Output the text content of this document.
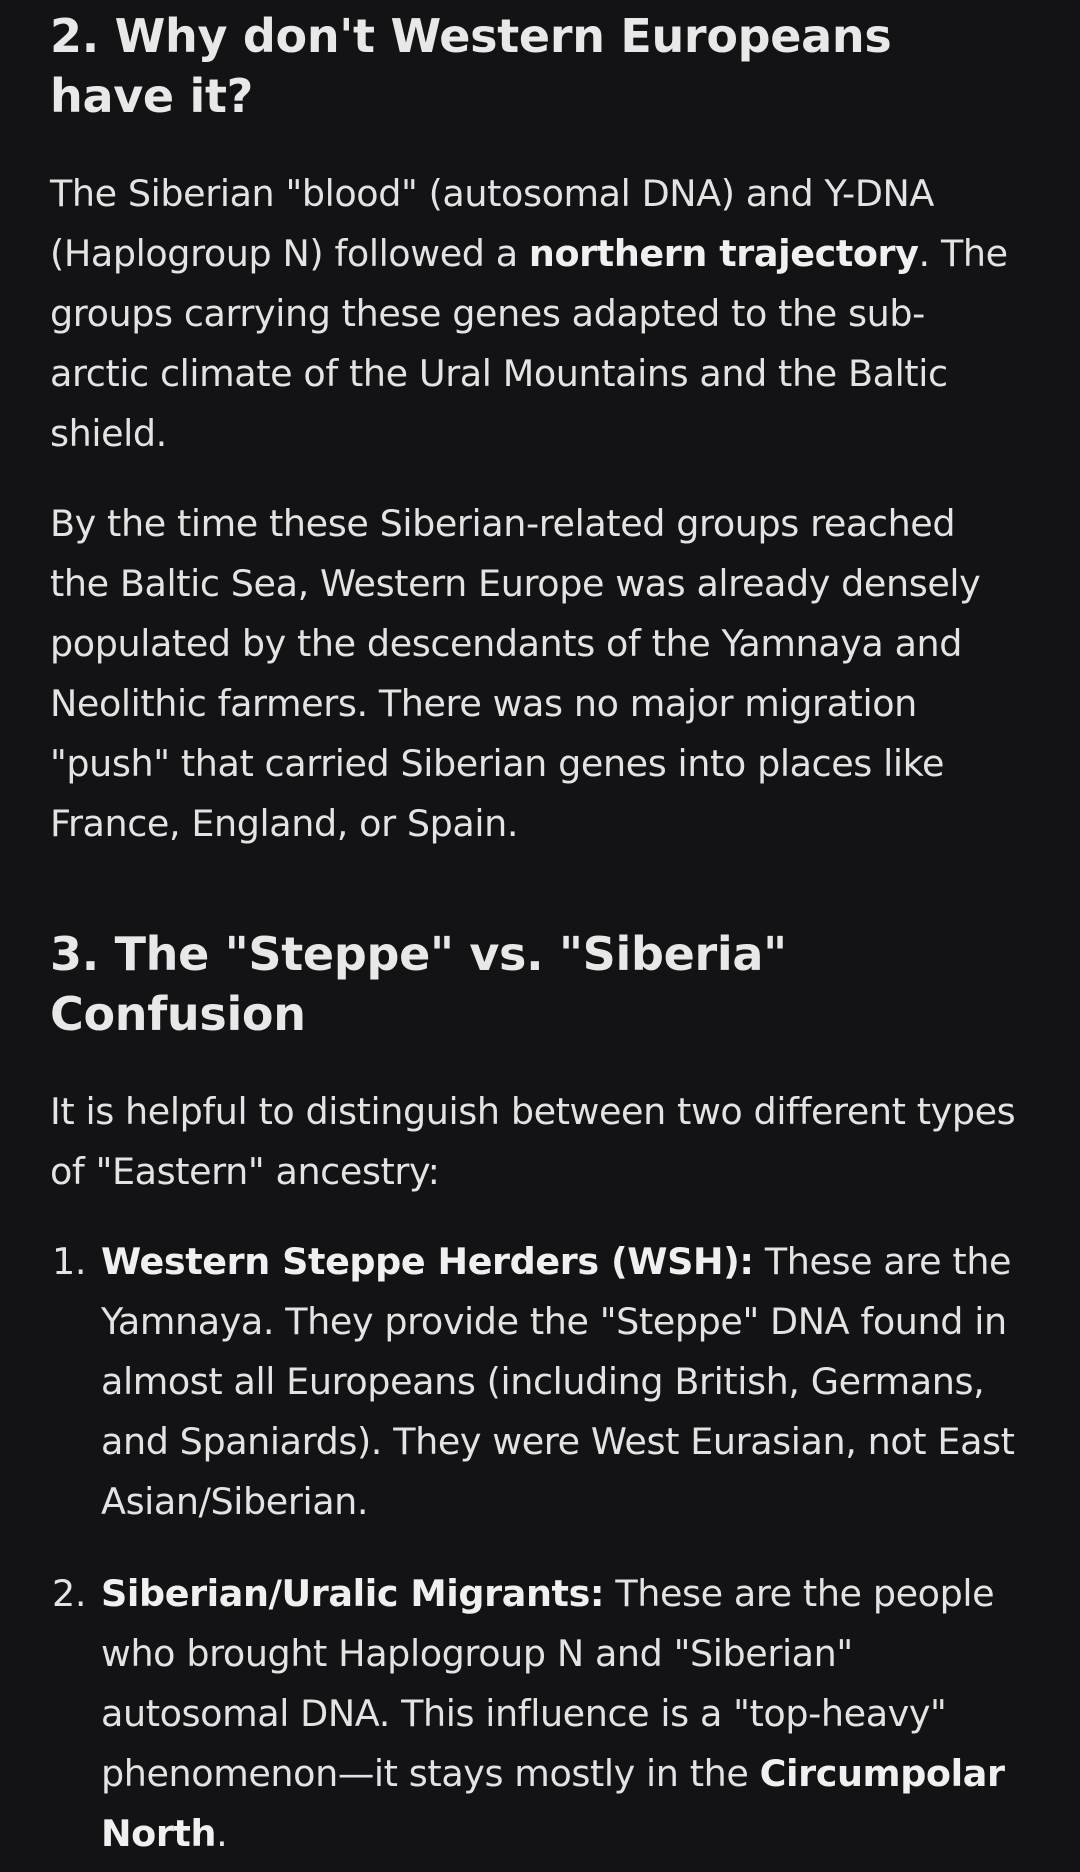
2. Why don't Western Europeans have it?

The Siberian "blood" (autosomal DNA) and Y-DNA (Haplogroup N) followed a northern trajectory. The groups carrying these genes adapted to the sub-arctic climate of the Ural Mountains and the Baltic shield.

By the time these Siberian-related groups reached the Baltic Sea, Western Europe was already densely populated by the descendants of the Yamnaya and Neolithic farmers. There was no major migration "push" that carried Siberian genes into places like France, England, or Spain.

3. The "Steppe" vs. "Siberia" Confusion

It is helpful to distinguish between two different types of "Eastern" ancestry:

1. Western Steppe Herders (WSH): These are the Yamnaya. They provide the "Steppe" DNA found in almost all Europeans (including British, Germans, and Spaniards). They were West Eurasian, not East Asian/Siberian.
2. Siberian/Uralic Migrants: These are the people who brought Haplogroup N and "Siberian" autosomal DNA. This influence is a "top-heavy" phenomenon—it stays mostly in the Circumpolar North.
